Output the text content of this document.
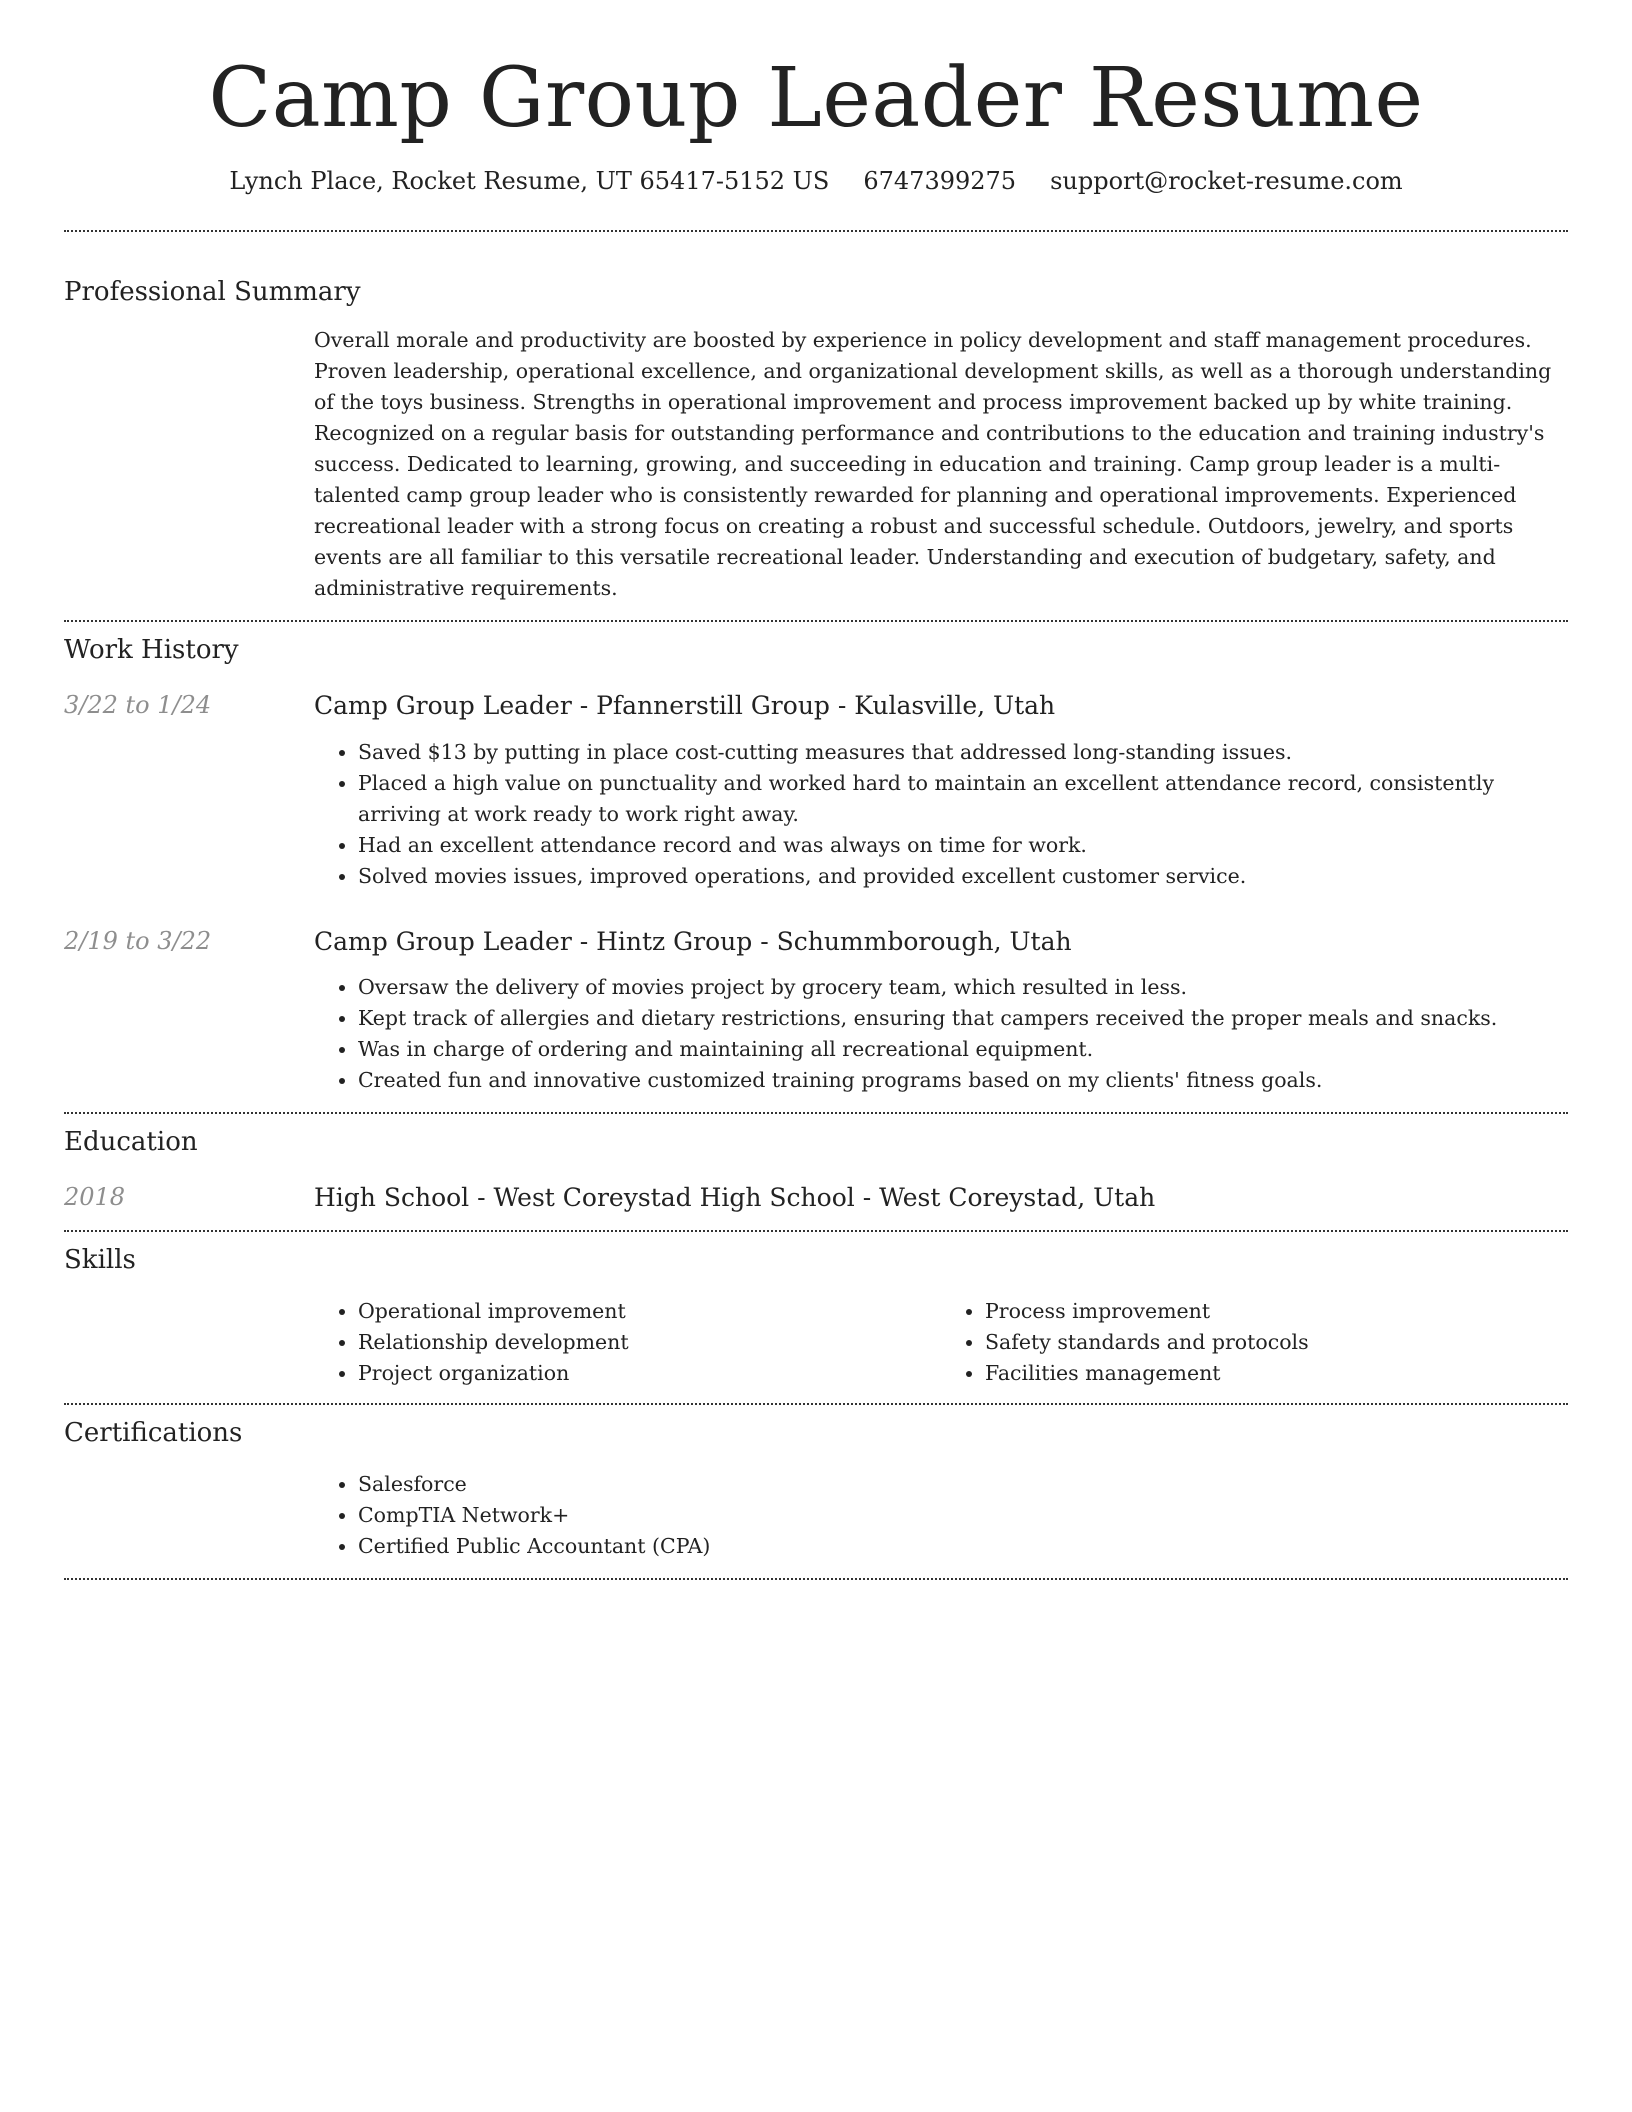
Camp Group Leader Resume
Lynch Place, Rocket Resume, UT 65417-5152 US 6747399275 support@rocket-resume.com
Professional Summary

Overall morale and productivity are boosted by experience in policy development and staff management procedures. Proven leadership, operational excellence, and organizational development skills, as well as a thorough understanding of the toys business. Strengths in operational improvement and process improvement backed up by white training. Recognized on a regular basis for outstanding performance and contributions to the education and training industry's success. Dedicated to learning, growing, and succeeding in education and training. Camp group leader is a multi-talented camp group leader who is consistently rewarded for planning and operational improvements. Experienced recreational leader with a strong focus on creating a robust and successful schedule. Outdoors, jewelry, and sports events are all familiar to this versatile recreational leader. Understanding and execution of budgetary, safety, and administrative requirements.

Work History
3/22 to 1/24	Camp Group Leader - Pfannerstill Group - Kulasville, Utah

• Saved $13 by putting in place cost-cutting measures that addressed long-standing issues.
• Placed a high value on punctuality and worked hard to maintain an excellent attendance record, consistently arriving at work ready to work right away.
• Had an excellent attendance record and was always on time for work.
• Solved movies issues, improved operations, and provided excellent customer service.
2/19 to 3/22	Camp Group Leader - Hintz Group - Schummborough, Utah

• Oversaw the delivery of movies project by grocery team, which resulted in less.
• Kept track of allergies and dietary restrictions, ensuring that campers received the proper meals and snacks.
• Was in charge of ordering and maintaining all recreational equipment.
• Created fun and innovative customized training programs based on my clients' fitness goals.
Education
2018	High School - West Coreystad High School - West Coreystad, Utah

Skills
• Operational improvement
• Relationship development
• Project organization
• Process improvement
• Safety standards and protocols
• Facilities management
Certifications
• Salesforce
• CompTIA Network+
• Certified Public Accountant (CPA)
